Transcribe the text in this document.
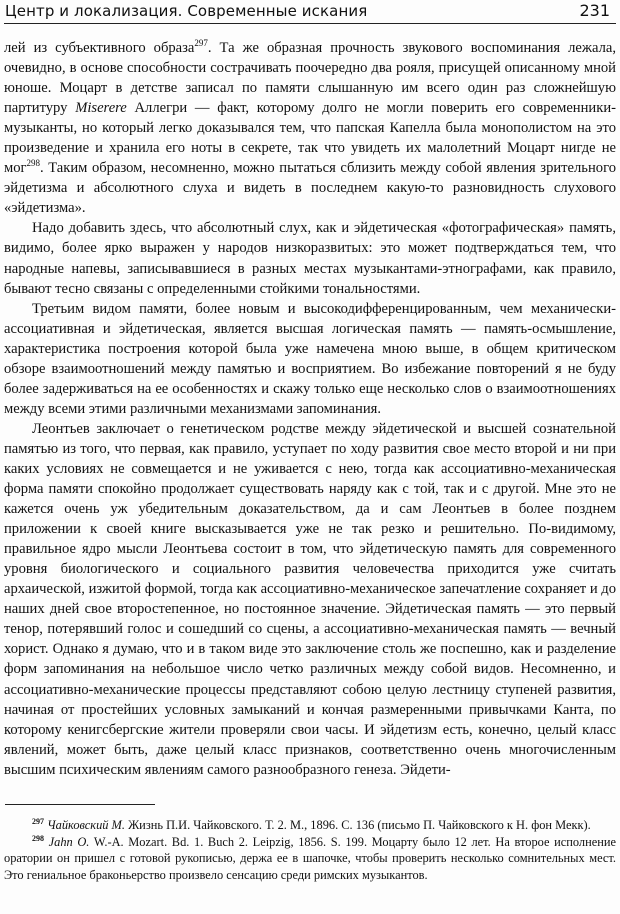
Центр и локализация. Современные искания	231

лей из субъективного образа$^{297}$. Та же образная прочность звукового воспоминания лежала, очевидно, в основе способности сострачивать поочередно два рояля, присущей описанному мной юноше. Моцарт в детстве записал по памяти слышанную им всего один раз сложнейшую партитуру Miserere Аллегри — факт, которому долго не могли поверить его современники-музыканты, но который легко доказывался тем, что папская Капелла была монополистом на это произведение и хранила его ноты в секрете, так что увидеть их малолетний Моцарт нигде не мог$^{298}$. Таким образом, несомненно, можно пытаться сблизить между собой явления зрительного эйдетизма и абсолютного слуха и видеть в последнем какую-то разновидность слухового «эйдетизма».

Надо добавить здесь, что абсолютный слух, как и эйдетическая «фотографическая» память, видимо, более ярко выражен у народов низкоразвитых: это может подтверждаться тем, что народные напевы, записывавшиеся в разных местах музыкантами-этнографами, как правило, бывают тесно связаны с определенными стойкими тональностями.

Третьим видом памяти, более новым и высокодифференцированным, чем механически-ассоциативная и эйдетическая, является высшая логическая память — память-осмышление, характеристика построения которой была уже намечена мною выше, в общем критическом обзоре взаимоотношений между памятью и восприятием. Во избежание повторений я не буду более задерживаться на ее особенностях и скажу только еще несколько слов о взаимоотношениях между всеми этими различными механизмами запоминания.

Леонтьев заключает о генетическом родстве между эйдетической и высшей сознательной памятью из того, что первая, как правило, уступает по ходу развития свое место второй и ни при каких условиях не совмещается и не уживается с нею, тогда как ассоциативно-механическая форма памяти спокойно продолжает существовать наряду как с той, так и с другой. Мне это не кажется очень уж убедительным доказательством, да и сам Леонтьев в более позднем приложении к своей книге высказывается уже не так резко и решительно. По-видимому, правильное ядро мысли Леонтьева состоит в том, что эйдетическую память для современного уровня биологического и социального развития человечества приходится уже считать архаической, изжитой формой, тогда как ассоциативно-механическое запечатление сохраняет и до наших дней свое второстепенное, но постоянное значение. Эйдетическая память — это первый тенор, потерявший голос и сошедший со сцены, а ассоциативно-механическая память — вечный хорист. Однако я думаю, что и в таком виде это заключение столь же поспешно, как и разделение форм запоминания на небольшое число четко различных между собой видов. Несомненно, и ассоциативно-механические процессы представляют собою целую лестницу ступеней развития, начиная от простейших условных замыканий и кончая размеренными привычками Канта, по которому кенигсбергские жители проверяли свои часы. И эйдетизм есть, конечно, целый класс явлений, может быть, даже целый класс признаков, соответственно очень многочисленным высшим психическим явлениям самого разнообразного генеза. Эйдети-

$^{297}$ Чайковский М. Жизнь П.И. Чайковского. Т. 2. М., 1896. С. 136 (письмо П. Чайковского к Н. фон Мекк).

$^{298}$ Jahn O. W.-A. Mozart. Bd. 1. Buch 2. Leipzig, 1856. S. 199. Моцарту было 12 лет. На второе исполнение оратории он пришел с готовой рукописью, держа ее в шапочке, чтобы проверить несколько сомнительных мест. Это гениальное браконьерство произвело сенсацию среди римских музыкантов.
